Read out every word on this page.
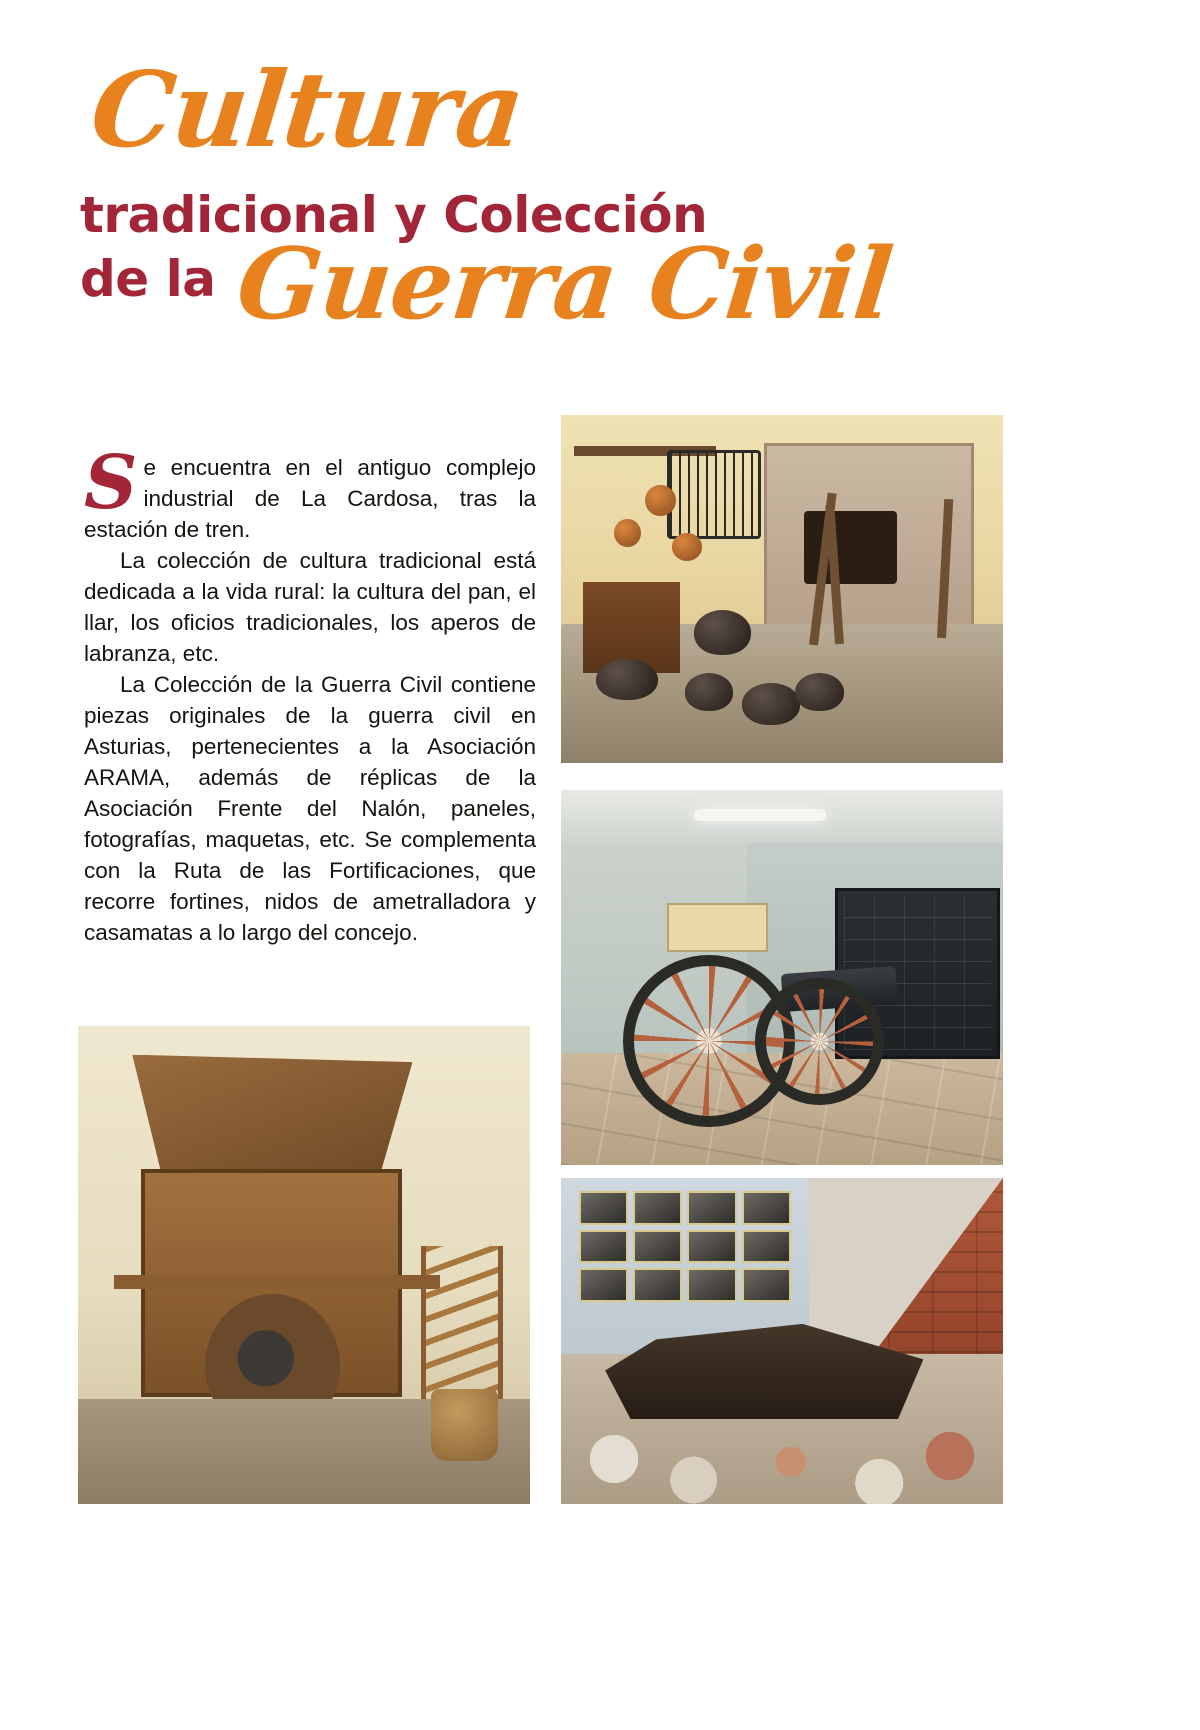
Cultura
tradicional y Colección
de la Guerra Civil

Se encuentra en el antiguo complejo industrial de La Cardosa, tras la estación de tren.

La colección de cultura tradicional está dedicada a la vida rural: la cultura del pan, el llar, los oficios tradicionales, los aperos de labranza, etc.

La Colección de la Guerra Civil contiene piezas originales de la guerra civil en Asturias, pertenecientes a la Asociación ARAMA, además de réplicas de la Asociación Frente del Nalón, paneles, fotografías, maquetas, etc. Se complementa con la Ruta de las Fortificaciones, que recorre fortines, nidos de ametralladora y casamatas a lo largo del concejo.
